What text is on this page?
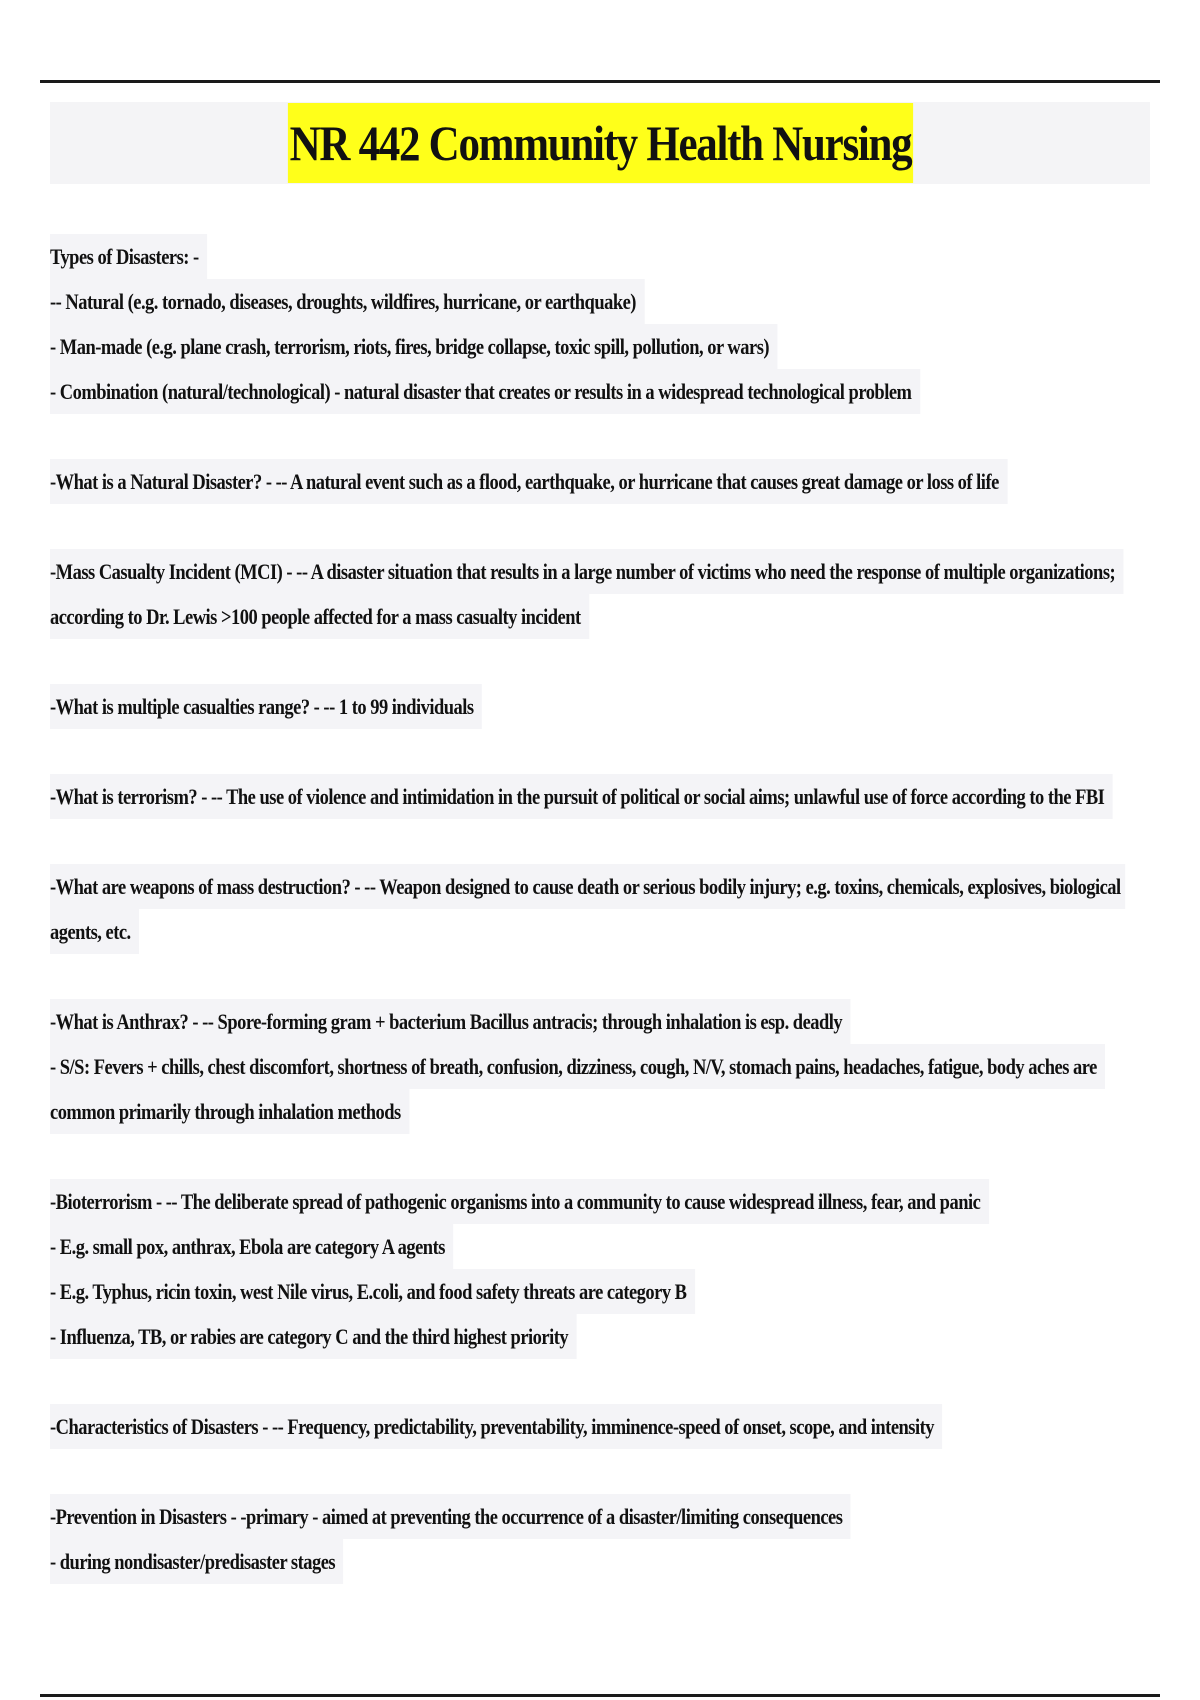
NR 442 Community Health Nursing
Types of Disasters: -
-- Natural (e.g. tornado, diseases, droughts, wildfires, hurricane, or earthquake)
- Man-made (e.g. plane crash, terrorism, riots, fires, bridge collapse, toxic spill, pollution, or wars)
- Combination (natural/technological) - natural disaster that creates or results in a widespread technological problem
-What is a Natural Disaster? - -- A natural event such as a flood, earthquake, or hurricane that causes great damage or loss of life
-Mass Casualty Incident (MCI) - -- A disaster situation that results in a large number of victims who need the response of multiple organizations;
according to Dr. Lewis >100 people affected for a mass casualty incident
-What is multiple casualties range? - -- 1 to 99 individuals
-What is terrorism? - -- The use of violence and intimidation in the pursuit of political or social aims; unlawful use of force according to the FBI
-What are weapons of mass destruction? - -- Weapon designed to cause death or serious bodily injury; e.g. toxins, chemicals, explosives, biological
agents, etc.
-What is Anthrax? - -- Spore-forming gram + bacterium Bacillus antracis; through inhalation is esp. deadly
- S/S: Fevers + chills, chest discomfort, shortness of breath, confusion, dizziness, cough, N/V, stomach pains, headaches, fatigue, body aches are
common primarily through inhalation methods
-Bioterrorism - -- The deliberate spread of pathogenic organisms into a community to cause widespread illness, fear, and panic
- E.g. small pox, anthrax, Ebola are category A agents
- E.g. Typhus, ricin toxin, west Nile virus, E.coli, and food safety threats are category B
- Influenza, TB, or rabies are category C and the third highest priority
-Characteristics of Disasters - -- Frequency, predictability, preventability, imminence-speed of onset, scope, and intensity
-Prevention in Disasters - -primary - aimed at preventing the occurrence of a disaster/limiting consequences
- during nondisaster/predisaster stages
